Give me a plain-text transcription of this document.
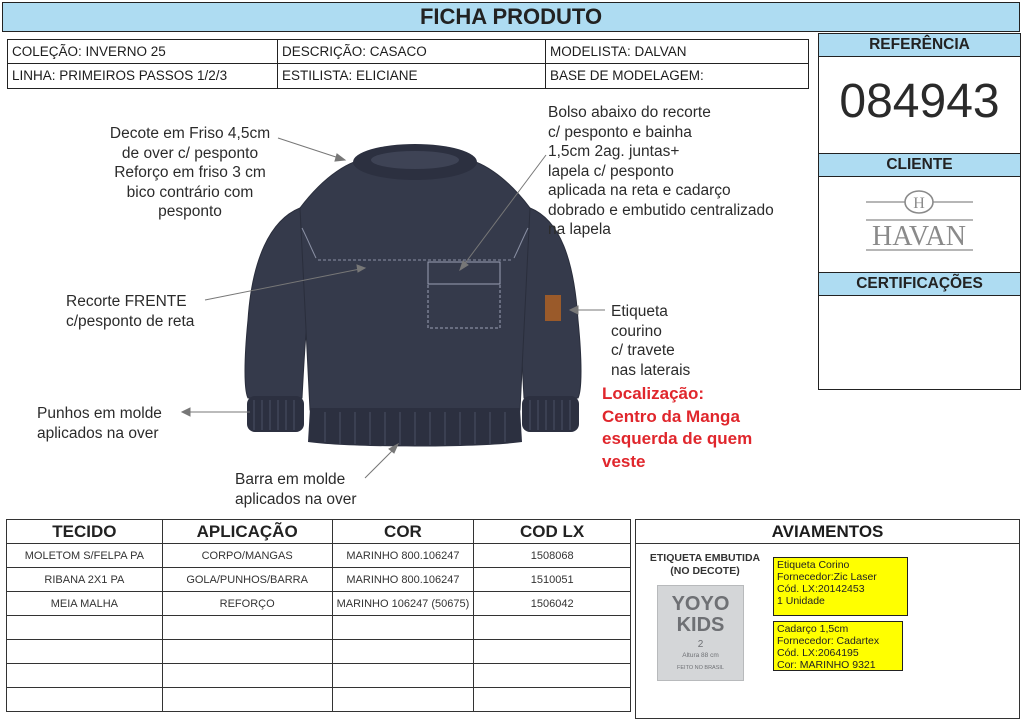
FICHA PRODUTO
COLEÇÃO: INVERNO 25	DESCRIÇÃO: CASACO	MODELISTA: DALVAN
LINHA: PRIMEIROS PASSOS 1/2/3	ESTILISTA: ELICIANE	BASE DE MODELAGEM:
REFERÊNCIA
084943
CLIENTE
H
HAVAN
CERTIFICAÇÕES
Decote em Friso 4,5cm
de over c/ pesponto
Reforço em friso 3 cm
bico contrário com
pesponto
Bolso abaixo do recorte
c/ pesponto e bainha
1,5cm 2ag. juntas+
lapela c/ pesponto
aplicada na reta e cadarço
dobrado e embutido centralizado
na lapela
Recorte FRENTE
c/pesponto de reta
Etiqueta
courino
c/ travete
nas laterais
Localização:
Centro da Manga
esquerda de quem
veste
Punhos em molde
aplicados na over
Barra em molde
aplicados na over
TECIDO	APLICAÇÃO	COR	COD LX
MOLETOM S/FELPA PA	CORPO/MANGAS	MARINHO 800.106247	1508068
RIBANA 2X1 PA	GOLA/PUNHOS/BARRA	MARINHO 800.106247	1510051
MEIA MALHA	REFORÇO	MARINHO 106247 (50675)	1506042

AVIAMENTOS
ETIQUETA EMBUTIDA
(NO DECOTE)
YOYO
KIDS
2
Altura 88 cm
FEITO NO BRASIL
Etiqueta Corino
Fornecedor:Zic Laser
Cód. LX:20142453
1 Unidade
Cadarço 1,5cm
Fornecedor: Cadartex
Cód. LX:2064195
Cor: MARINHO 9321
